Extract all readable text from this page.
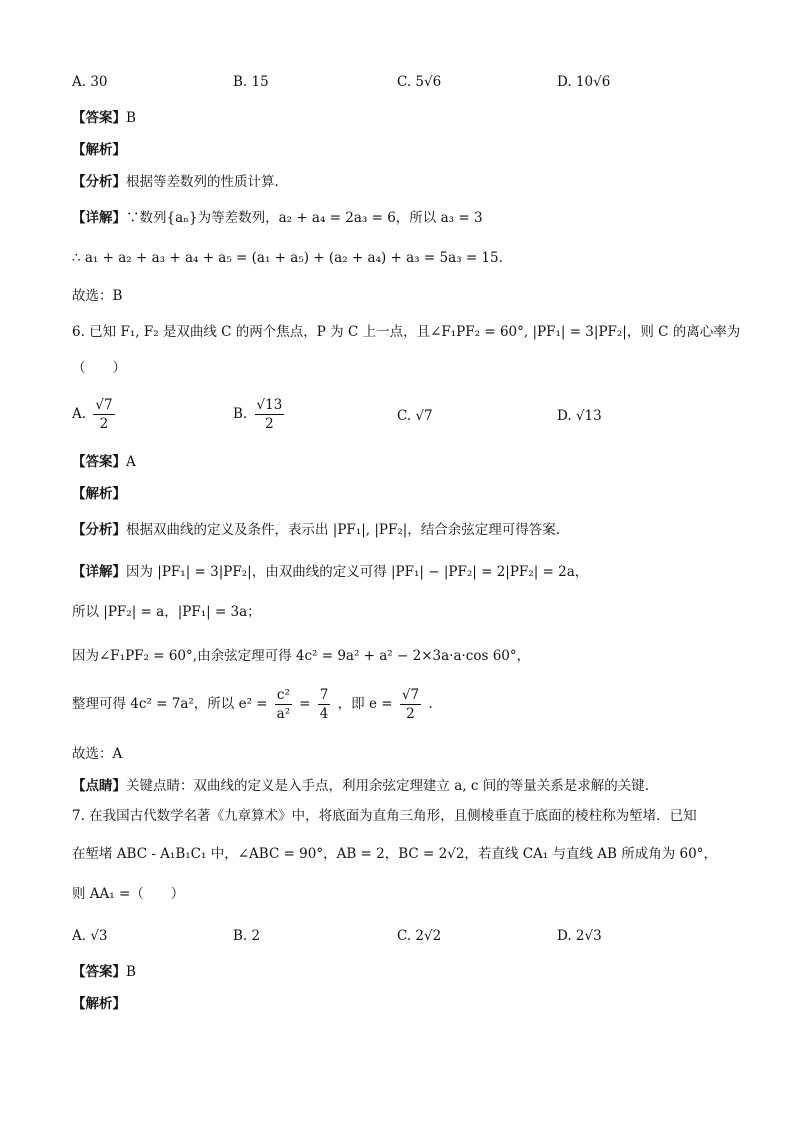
A. 30	B. 15	C. 5√6	D. 10√6
【答案】B
【解析】
【分析】根据等差数列的性质计算.
【详解】∵数列{aₙ}为等差数列，a₂ + a₄ = 2a₃ = 6，所以 a₃ = 3
∴ a₁ + a₂ + a₃ + a₄ + a₅ = (a₁ + a₅) + (a₂ + a₄) + a₃ = 5a₃ = 15.
故选：B
6. 已知 F₁, F₂ 是双曲线 C 的两个焦点，P 为 C 上一点，且∠F₁PF₂ = 60°, |PF₁| = 3|PF₂|，则 C 的离心率为
（　　）
A. $\frac{√7}{2}$	B. $\frac{√13}{2}$	C. √7	D. √13
【答案】A
【解析】
【分析】根据双曲线的定义及条件，表示出 |PF₁|, |PF₂|，结合余弦定理可得答案.
【详解】因为 |PF₁| = 3|PF₂|，由双曲线的定义可得 |PF₁| − |PF₂| = 2|PF₂| = 2a，
所以 |PF₂| = a，|PF₁| = 3a；
因为∠F₁PF₂ = 60°,由余弦定理可得 4c² = 9a² + a² − 2×3a·a·cos 60°，
整理可得 4c² = 7a²，所以 $e^2 = \frac{\text{c²}}{\text{a²}} = \frac{7}{4}$ ，即 $e = \frac{√7}{2}$ .
故选：A
【点睛】关键点睛：双曲线的定义是入手点，利用余弦定理建立 a, c 间的等量关系是求解的关键.
7. 在我国古代数学名著《九章算术》中，将底面为直角三角形，且侧棱垂直于底面的棱柱称为堑堵．已知
在堑堵 ABC - A₁B₁C₁ 中，∠ABC = 90°，AB = 2，BC = 2√2，若直线 CA₁ 与直线 AB 所成角为 60°，
则 AA₁ =（　　）
A. √3	B. 2	C. 2√2	D. 2√3
【答案】B
【解析】
